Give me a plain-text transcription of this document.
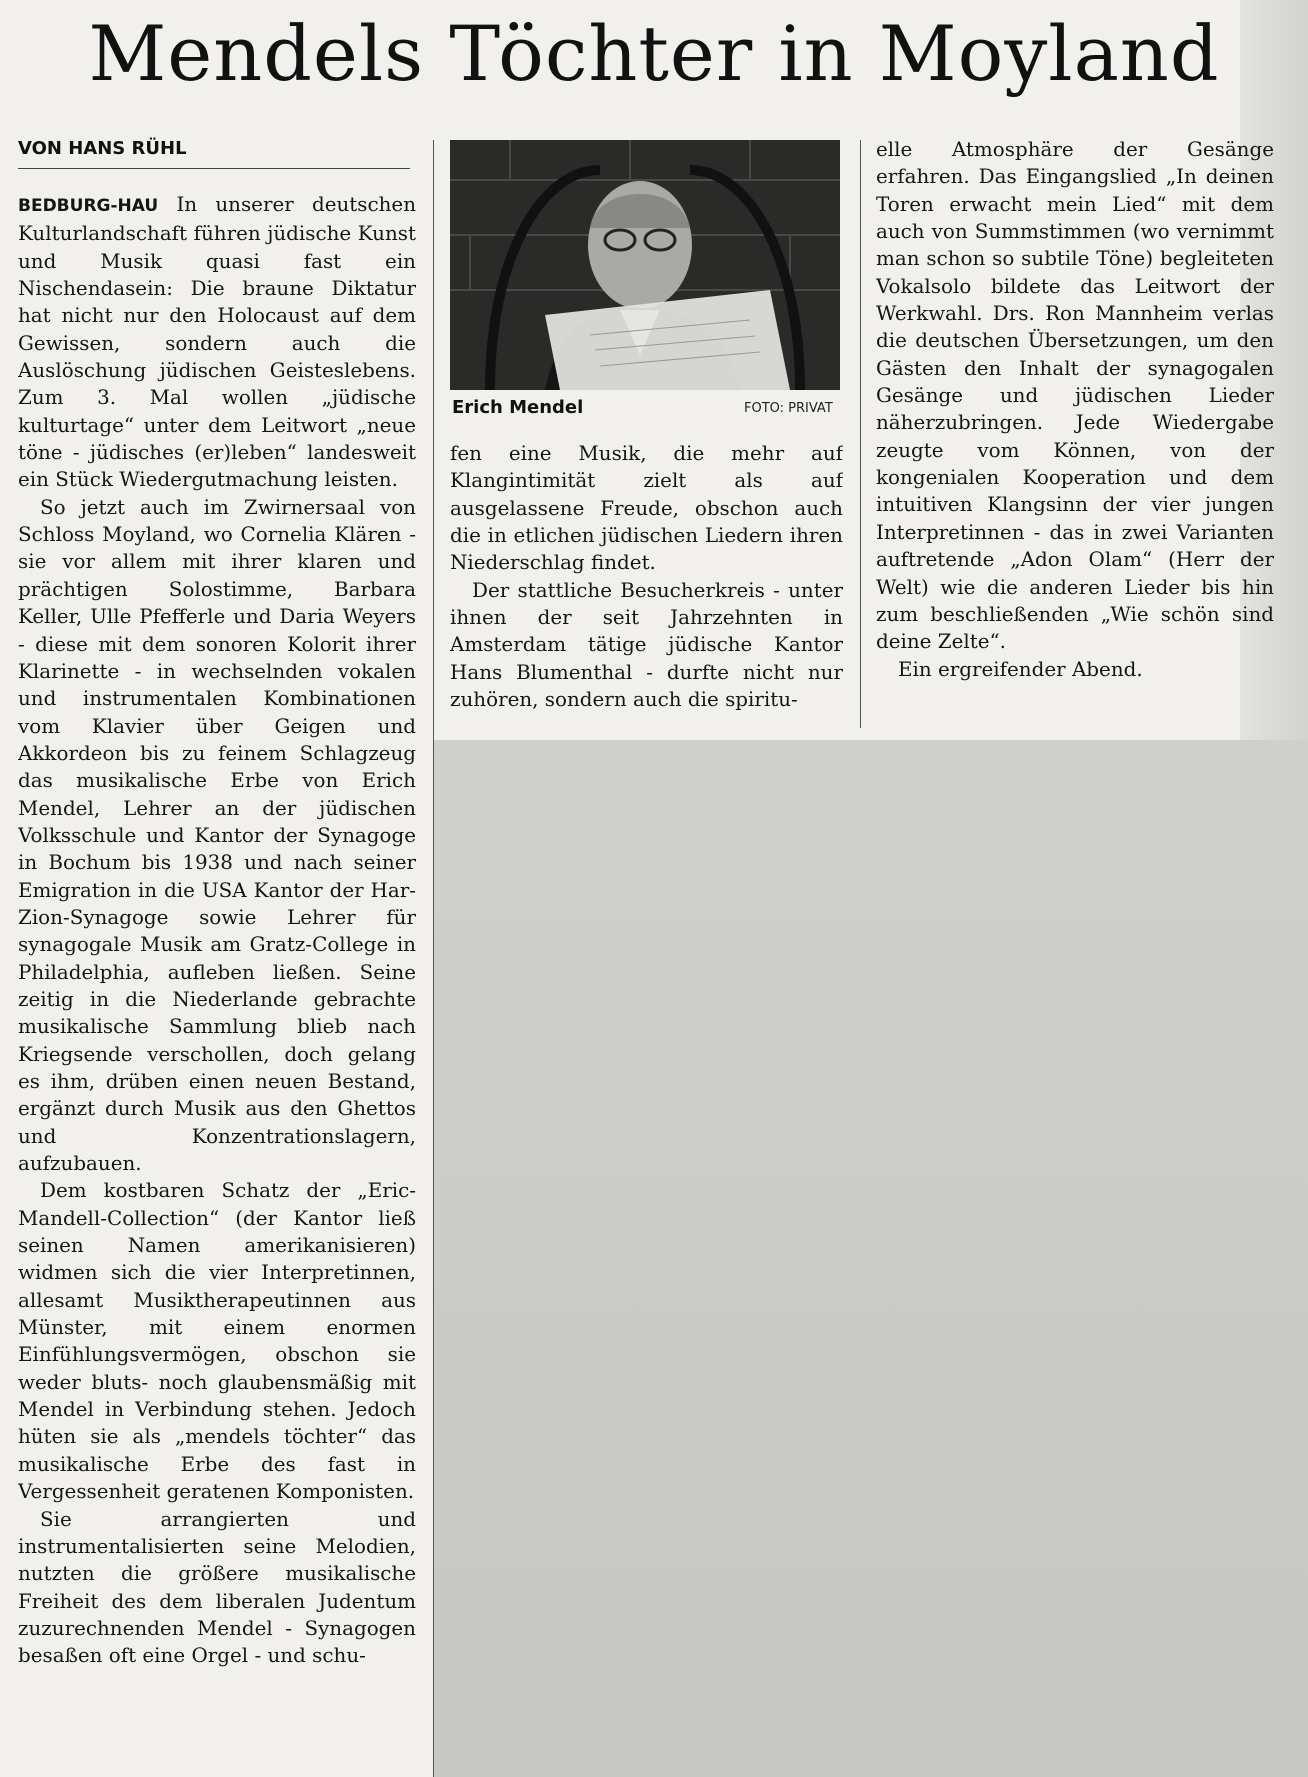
Mendels Töchter in Moyland
VON HANS RÜHL

BEDBURG-HAU In unserer deutschen Kulturlandschaft führen jüdische Kunst und Musik quasi fast ein Nischendasein: Die braune Diktatur hat nicht nur den Holocaust auf dem Gewissen, sondern auch die Auslöschung jüdischen Geisteslebens. Zum 3. Mal wollen „jüdische kulturtage“ unter dem Leitwort „neue töne - jüdisches (er)leben“ landesweit ein Stück Wiedergutmachung leisten.

So jetzt auch im Zwirnersaal von Schloss Moyland, wo Cornelia Klären - sie vor allem mit ihrer klaren und prächtigen Solostimme, Barbara Keller, Ulle Pfefferle und Daria Weyers - diese mit dem sonoren Kolorit ihrer Klarinette - in wechselnden vokalen und instrumentalen Kombinationen vom Klavier über Geigen und Akkordeon bis zu feinem Schlagzeug das musikalische Erbe von Erich Mendel, Lehrer an der jüdischen Volksschule und Kantor der Synagoge in Bochum bis 1938 und nach seiner Emigration in die USA Kantor der Har-Zion-Synagoge sowie Lehrer für synagogale Musik am Gratz-College in Philadelphia, aufleben ließen. Seine zeitig in die Niederlande gebrachte musikalische Sammlung blieb nach Kriegsende verschollen, doch gelang es ihm, drüben einen neuen Bestand, ergänzt durch Musik aus den Ghettos und Konzentrationslagern, aufzubauen.

Dem kostbaren Schatz der „Eric-Mandell-Collection“ (der Kantor ließ seinen Namen amerikanisieren) widmen sich die vier Interpretinnen, allesamt Musiktherapeutinnen aus Münster, mit einem enormen Einfühlungsvermögen, obschon sie weder bluts- noch glaubensmäßig mit Mendel in Verbindung stehen. Jedoch hüten sie als „mendels töchter“ das musikalische Erbe des fast in Vergessenheit geratenen Komponisten.

Sie arrangierten und instrumentalisierten seine Melodien, nutzten die größere musikalische Freiheit des dem liberalen Judentum zuzurechnenden Mendel - Synagogen besaßen oft eine Orgel - und schu-

Erich Mendel	FOTO: PRIVAT

fen eine Musik, die mehr auf Klangintimität zielt als auf ausgelassene Freude, obschon auch die in etlichen jüdischen Liedern ihren Niederschlag findet.

Der stattliche Besucherkreis - unter ihnen der seit Jahrzehnten in Amsterdam tätige jüdische Kantor Hans Blumenthal - durfte nicht nur zuhören, sondern auch die spiritu-

elle Atmosphäre der Gesänge erfahren. Das Eingangslied „In deinen Toren erwacht mein Lied“ mit dem auch von Summstimmen (wo vernimmt man schon so subtile Töne) begleiteten Vokalsolo bildete das Leitwort der Werkwahl. Drs. Ron Mannheim verlas die deutschen Übersetzungen, um den Gästen den Inhalt der synagogalen Gesänge und jüdischen Lieder näherzubringen. Jede Wiedergabe zeugte vom Können, von der kongenialen Kooperation und dem intuitiven Klangsinn der vier jungen Interpretinnen - das in zwei Varianten auftretende „Adon Olam“ (Herr der Welt) wie die anderen Lieder bis hin zum beschließenden „Wie schön sind deine Zelte“.

Ein ergreifender Abend.
